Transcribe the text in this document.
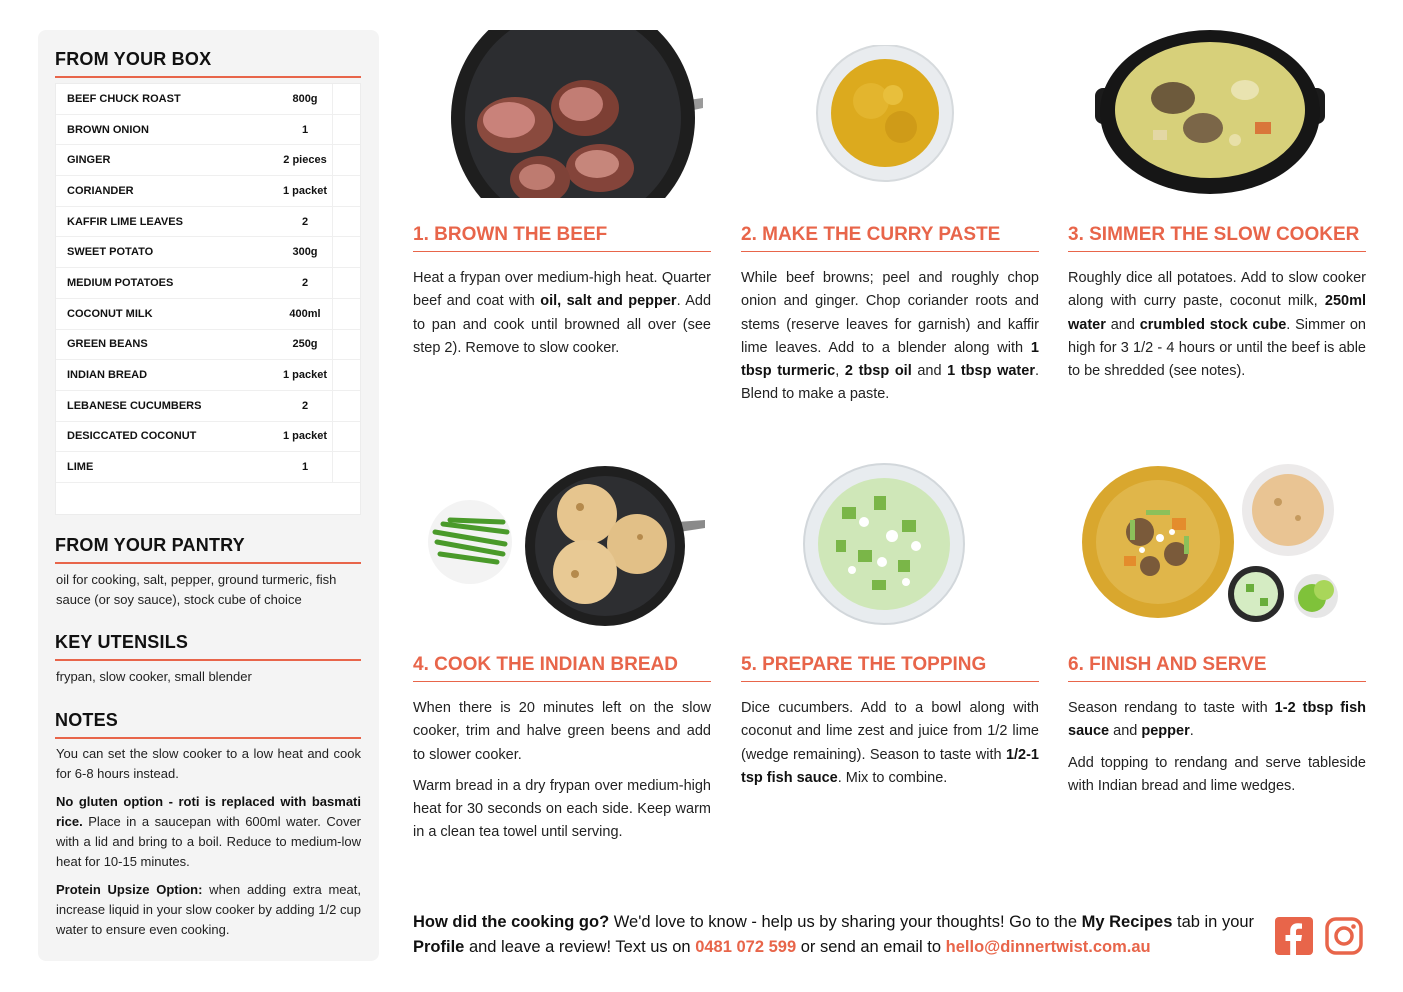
FROM YOUR BOX
BEEF CHUCK ROAST	800g
BROWN ONION	1
GINGER	2 pieces
CORIANDER	1 packet
KAFFIR LIME LEAVES	2
SWEET POTATO	300g
MEDIUM POTATOES	2
COCONUT MILK	400ml
GREEN BEANS	250g
INDIAN BREAD	1 packet
LEBANESE CUCUMBERS	2
DESICCATED COCONUT	1 packet
LIME	1
FROM YOUR PANTRY

oil for cooking, salt, pepper, ground turmeric, fish sauce (or soy sauce), stock cube of choice

KEY UTENSILS

frypan, slow cooker, small blender

NOTES

You can set the slow cooker to a low heat and cook for 6-8 hours instead.

No gluten option - roti is replaced with basmati rice. Place in a saucepan with 600ml water. Cover with a lid and bring to a boil. Reduce to medium-low heat for 10-15 minutes.

Protein Upsize Option: when adding extra meat, increase liquid in your slow cooker by adding 1/2 cup water to ensure even cooking.

1. BROWN THE BEEF

Heat a frypan over medium-high heat. Quarter beef and coat with oil, salt and pepper. Add to pan and cook until browned all over (see step 2). Remove to slow cooker.

2. MAKE THE CURRY PASTE

While beef browns; peel and roughly chop onion and ginger. Chop coriander roots and stems (reserve leaves for garnish) and kaffir lime leaves. Add to a blender along with 1 tbsp turmeric, 2 tbsp oil and 1 tbsp water. Blend to make a paste.

3. SIMMER THE SLOW COOKER

Roughly dice all potatoes. Add to slow cooker along with curry paste, coconut milk, 250ml water and crumbled stock cube. Simmer on high for 3 1/2 - 4 hours or until the beef is able to be shredded (see notes).

4. COOK THE INDIAN BREAD

When there is 20 minutes left on the slow cooker, trim and halve green beens and add to slower cooker.

Warm bread in a dry frypan over medium-high heat for 30 seconds on each side. Keep warm in a clean tea towel until serving.

5. PREPARE THE TOPPING

Dice cucumbers. Add to a bowl along with coconut and lime zest and juice from 1/2 lime (wedge remaining). Season to taste with 1/2-1 tsp fish sauce. Mix to combine.

6. FINISH AND SERVE

Season rendang to taste with 1-2 tbsp fish sauce and pepper.

Add topping to rendang and serve tableside with Indian bread and lime wedges.

How did the cooking go? We'd love to know - help us by sharing your thoughts! Go to the My Recipes tab in your Profile and leave a review! Text us on 0481 072 599 or send an email to hello@dinnertwist.com.au
